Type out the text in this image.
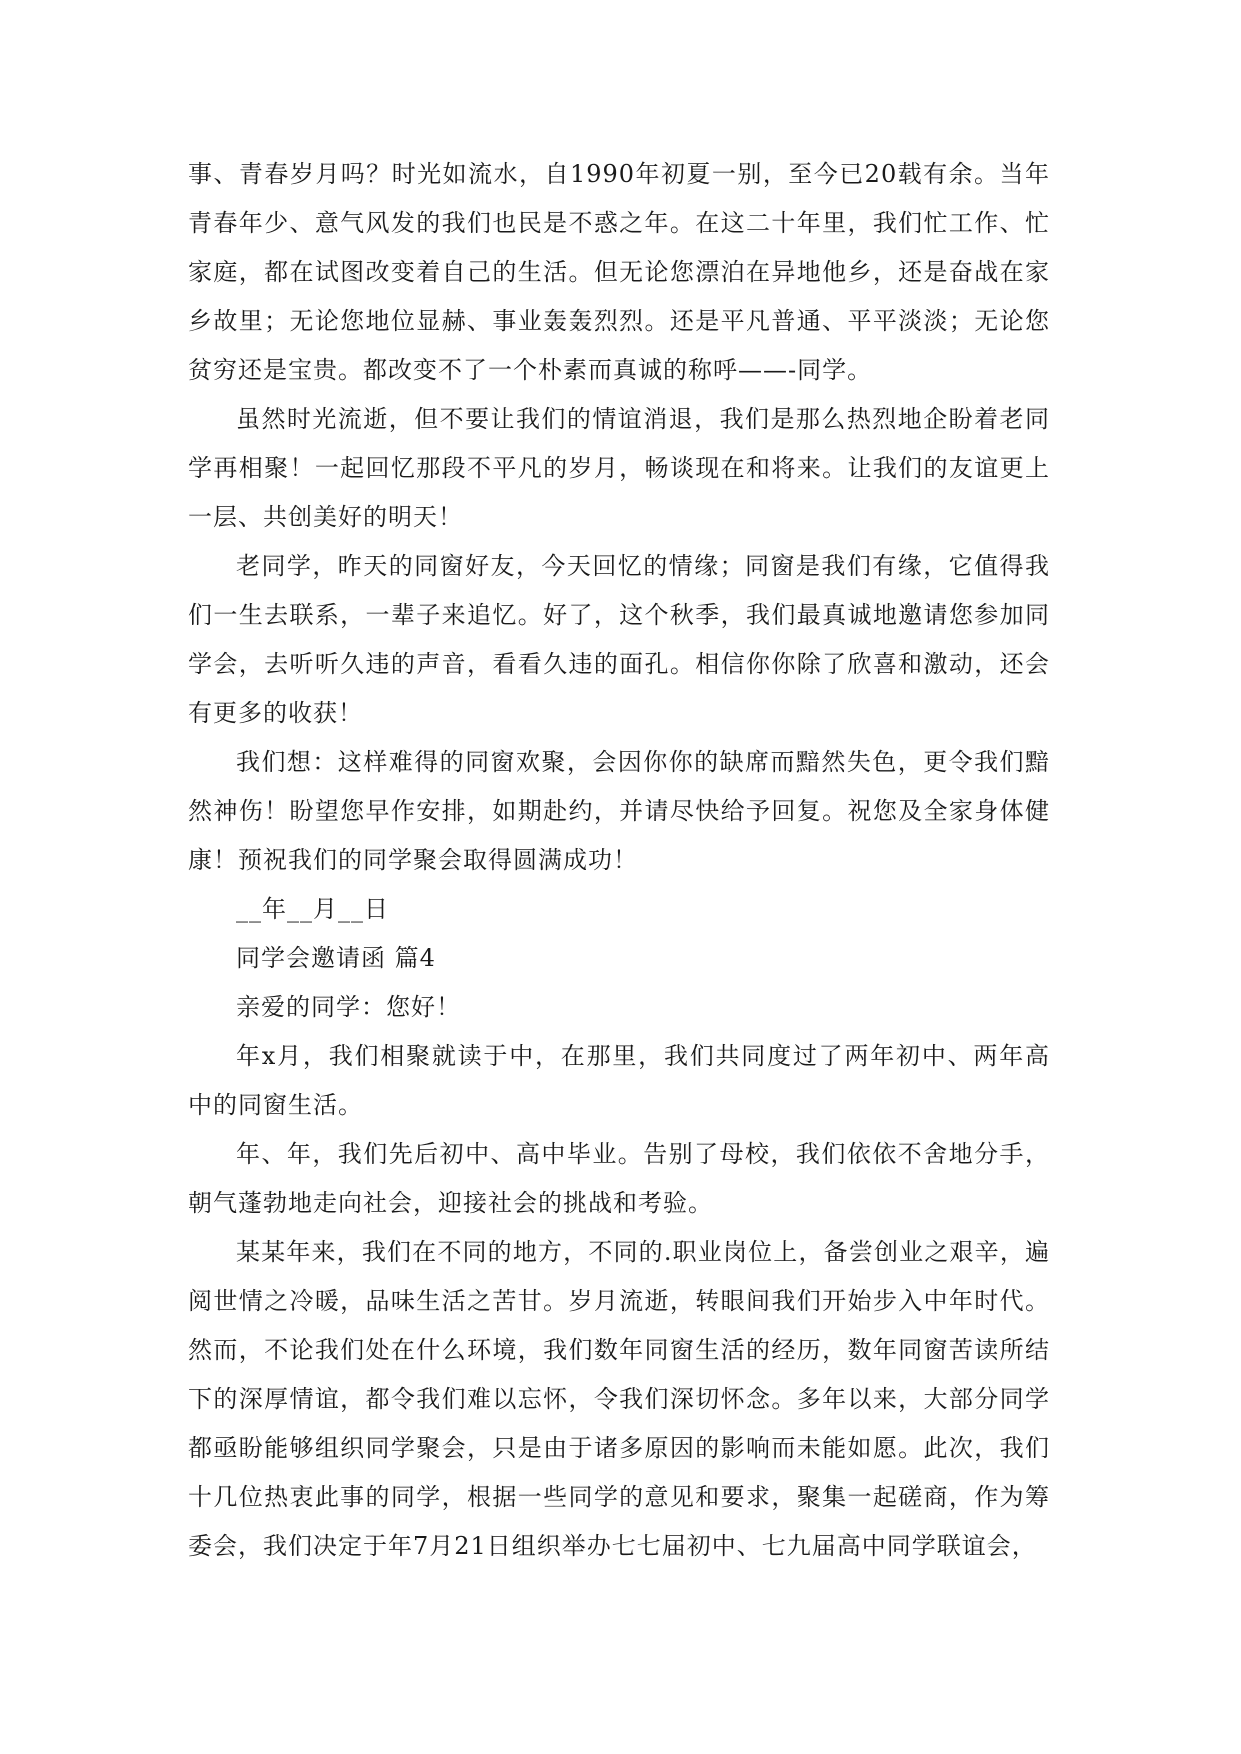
事、青春岁月吗？时光如流水，自1990年初夏一别，至今已20载有余。当年青春年少、意气风发的我们也民是不惑之年。在这二十年里，我们忙工作、忙家庭，都在试图改变着自己的生活。但无论您漂泊在异地他乡，还是奋战在家乡故里；无论您地位显赫、事业轰轰烈烈。还是平凡普通、平平淡淡；无论您贫穷还是宝贵。都改变不了一个朴素而真诚的称呼——-同学。

虽然时光流逝，但不要让我们的情谊消退，我们是那么热烈地企盼着老同学再相聚！一起回忆那段不平凡的岁月，畅谈现在和将来。让我们的友谊更上一层、共创美好的明天！

老同学，昨天的同窗好友，今天回忆的情缘；同窗是我们有缘，它值得我们一生去联系，一辈子来追忆。好了，这个秋季，我们最真诚地邀请您参加同学会，去听听久违的声音，看看久违的面孔。相信你你除了欣喜和激动，还会有更多的收获！

我们想：这样难得的同窗欢聚，会因你你的缺席而黯然失色，更令我们黯然神伤！盼望您早作安排，如期赴约，并请尽快给予回复。祝您及全家身体健康！预祝我们的同学聚会取得圆满成功！

__年__月__日

同学会邀请函 篇4

亲爱的同学：您好！

年x月，我们相聚就读于中，在那里，我们共同度过了两年初中、两年高中的同窗生活。

年、年，我们先后初中、高中毕业。告别了母校，我们依依不舍地分手，朝气蓬勃地走向社会，迎接社会的挑战和考验。

某某年来，我们在不同的地方，不同的.职业岗位上，备尝创业之艰辛，遍阅世情之冷暖，品味生活之苦甘。岁月流逝，转眼间我们开始步入中年时代。然而，不论我们处在什么环境，我们数年同窗生活的经历，数年同窗苦读所结下的深厚情谊，都令我们难以忘怀，令我们深切怀念。多年以来，大部分同学都亟盼能够组织同学聚会，只是由于诸多原因的影响而未能如愿。此次，我们十几位热衷此事的同学，根据一些同学的意见和要求，聚集一起磋商，作为筹委会，我们决定于年7月21日组织举办七七届初中、七九届高中同学联谊会，
